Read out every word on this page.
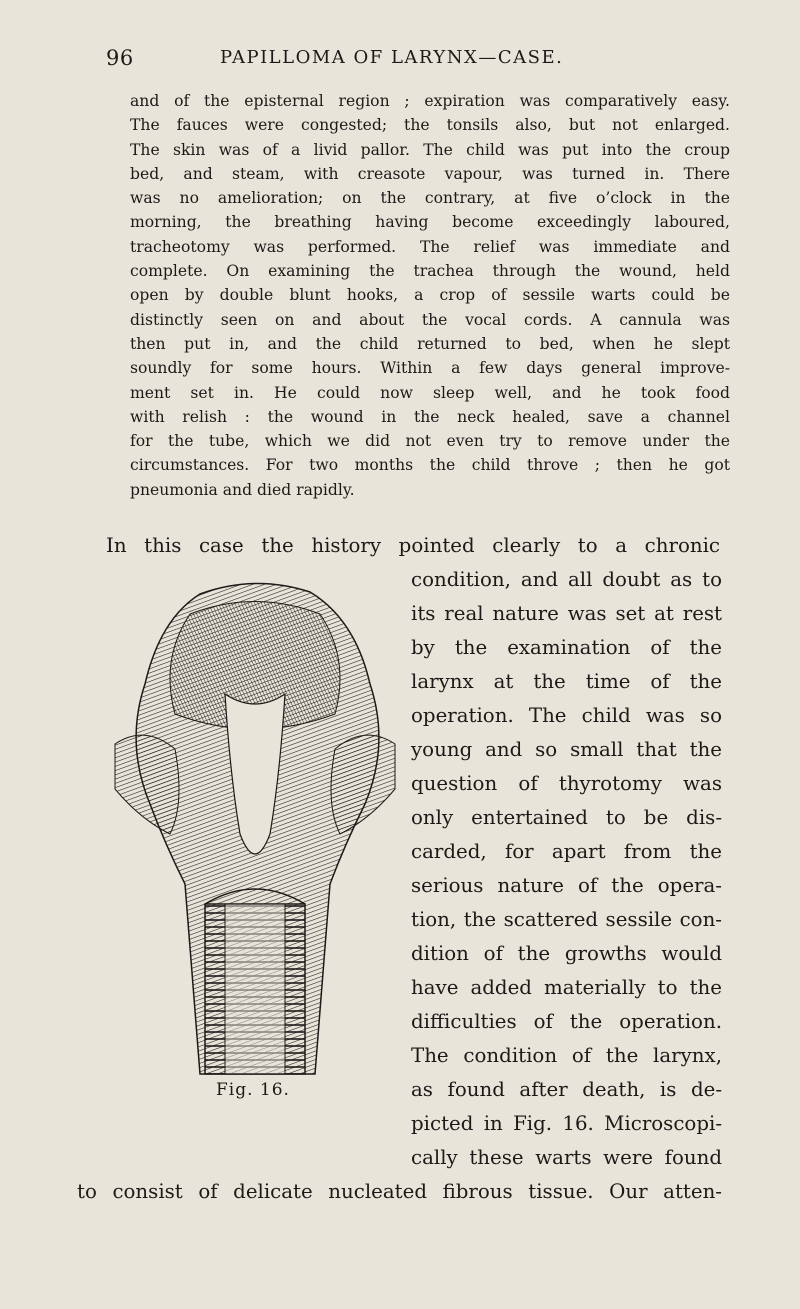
96	PAPILLOMA OF LARYNX—CASE.
and of the episternal region ; expiration was comparatively easy.
The fauces were congested; the tonsils also, but not enlarged.
The skin was of a livid pallor. The child was put into the croup
bed, and steam, with creasote vapour, was turned in. There
was no amelioration; on the contrary, at five o’clock in the
morning, the breathing having become exceedingly laboured,
tracheotomy was performed. The relief was immediate and
complete. On examining the trachea through the wound, held
open by double blunt hooks, a crop of sessile warts could be
distinctly seen on and about the vocal cords. A cannula was
then put in, and the child returned to bed, when he slept
soundly for some hours. Within a few days general improve-
ment set in. He could now sleep well, and he took food
with relish : the wound in the neck healed, save a channel
for the tube, which we did not even try to remove under the
circumstances. For two months the child throve ; then he got
pneumonia and died rapidly.
In this case the history pointed clearly to a chronic
condition, and all doubt as to
its real nature was set at rest
by the examination of the
larynx at the time of the
operation. The child was so
young and so small that the
question of thyrotomy was
only entertained to be dis-
carded, for apart from the
serious nature of the opera-
tion, the scattered sessile con-
dition of the growths would
have added materially to the
difficulties of the operation.
The condition of the larynx,
as found after death, is de-
picted in Fig. 16. Microscopi-
cally these warts were found
to consist of delicate nucleated fibrous tissue. Our atten-
Fig. 16.
